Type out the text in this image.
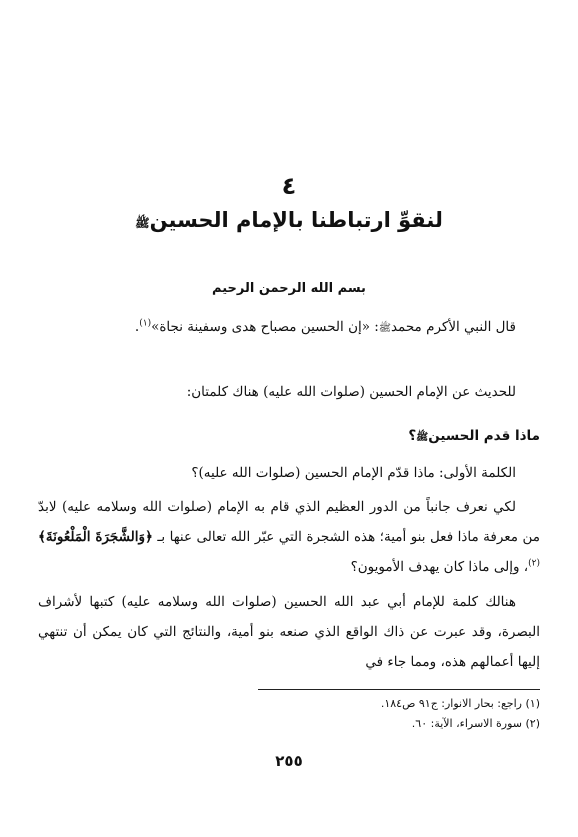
٤
لنقوِّ ارتباطنا بالإمام الحسينﷺ
بسم الله الرحمن الرحيم
قال النبي الأكرم محمدﷺ: «إن الحسين مصباح هدى وسفينة نجاة»$^{(١)}$.
للحديث عن الإمام الحسين (صلوات الله عليه) هناك كلمتان:
ماذا قدم الحسينﷺ؟
الكلمة الأولى: ماذا قدّم الإمام الحسين (صلوات الله عليه)؟
لكي نعرف جانباً من الدور العظيم الذي قام به الإمام (صلوات الله وسلامه عليه) لابدّ من معرفة ماذا فعل بنو أمية؛ هذه الشجرة التي عبّر الله تعالى عنها بـ ﴿وَالشَّجَرَةَ الْمَلْعُونَةَ﴾$^{(٢)}$، وإلى ماذا كان يهدف الأمويون؟
هنالك كلمة للإمام أبي عبد الله الحسين (صلوات الله وسلامه عليه) كتبها لأشراف البصرة، وقد عبرت عن ذاك الواقع الذي صنعه بنو أمية، والنتائج التي كان يمكن أن تنتهي إليها أعمالهم هذه، ومما جاء في
(١) راجع: بحار الانوار: ج٩١ ص١٨٤.
(٢) سورة الاسراء، الآية: ٦٠.
٢٥٥
